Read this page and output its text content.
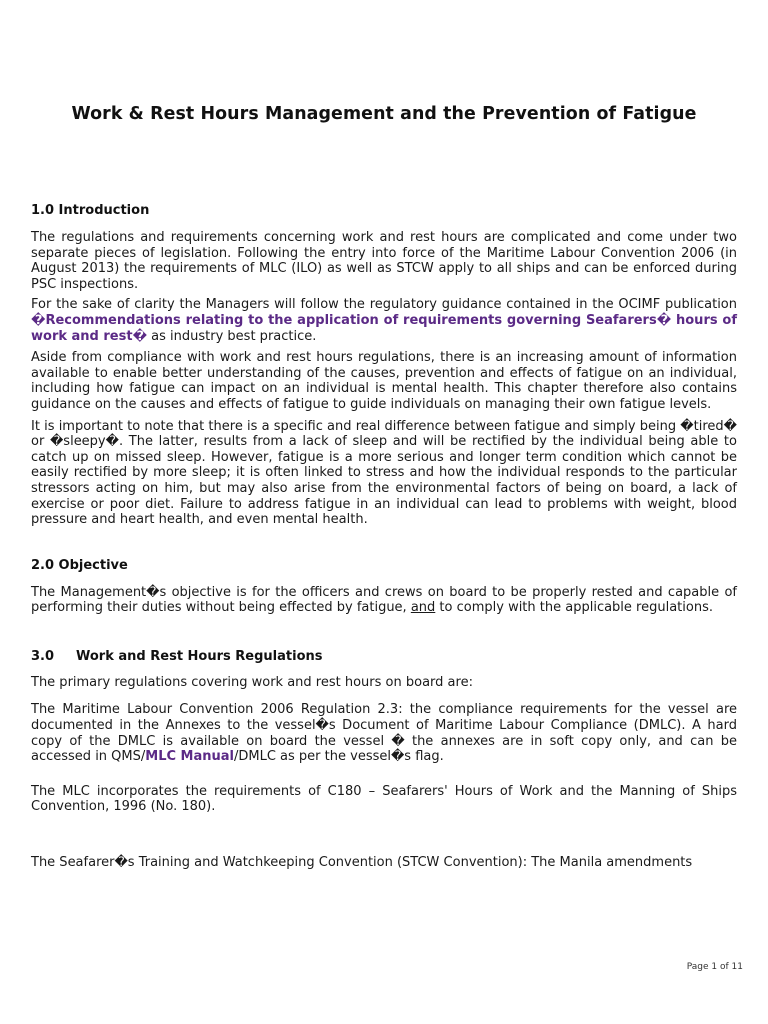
Work & Rest Hours Management and the Prevention of Fatigue
1.0 Introduction

The regulations and requirements concerning work and rest hours are complicated and come under two separate pieces of legislation. Following the entry into force of the Maritime Labour Convention 2006 (in August 2013) the requirements of MLC (ILO) as well as STCW apply to all ships and can be enforced during PSC inspections.

For the sake of clarity the Managers will follow the regulatory guidance contained in the OCIMF publication �Recommendations relating to the application of requirements governing Seafarers� hours of work and rest� as industry best practice.

Aside from compliance with work and rest hours regulations, there is an increasing amount of information available to enable better understanding of the causes, prevention and effects of fatigue on an individual, including how fatigue can impact on an individual is mental health. This chapter therefore also contains guidance on the causes and effects of fatigue to guide individuals on managing their own fatigue levels.

It is important to note that there is a specific and real difference between fatigue and simply being �tired� or �sleepy�. The latter, results from a lack of sleep and will be rectified by the individual being able to catch up on missed sleep. However, fatigue is a more serious and longer term condition which cannot be easily rectified by more sleep; it is often linked to stress and how the individual responds to the particular stressors acting on him, but may also arise from the environmental factors of being on board, a lack of exercise or poor diet. Failure to address fatigue in an individual can lead to problems with weight, blood pressure and heart health, and even mental health.

2.0 Objective

The Management�s objective is for the officers and crews on board to be properly rested and capable of performing their duties without being effected by fatigue, and to comply with the applicable regulations.

3.0 Work and Rest Hours Regulations

The primary regulations covering work and rest hours on board are:

The Maritime Labour Convention 2006 Regulation 2.3: the compliance requirements for the vessel are documented in the Annexes to the vessel�s Document of Maritime Labour Compliance (DMLC). A hard copy of the DMLC is available on board the vessel � the annexes are in soft copy only, and can be accessed in QMS/MLC Manual/DMLC as per the vessel�s flag.

The MLC incorporates the requirements of C180 – Seafarers' Hours of Work and the Manning of Ships Convention, 1996 (No. 180).

The Seafarer�s Training and Watchkeeping Convention (STCW Convention): The Manila amendments

Page 1 of 11
